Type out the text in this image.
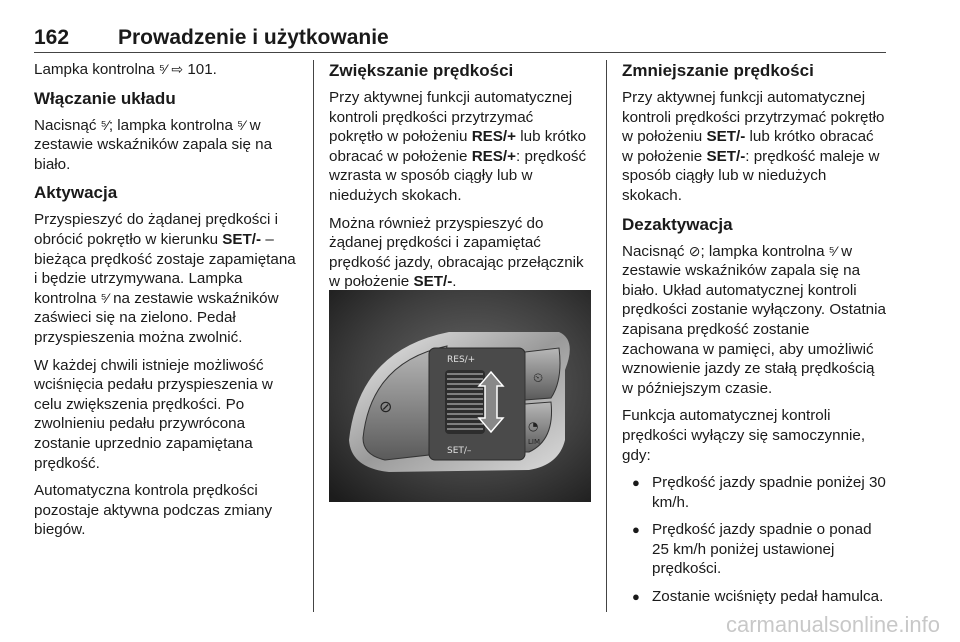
162 Prowadzenie i użytkowanie

Lampka kontrolna ⁵⁄ ⇨ 101.

Włączanie układu

Nacisnąć ⁵⁄; lampka kontrolna ⁵⁄ w zestawie wskaźników zapala się na biało.

Aktywacja

Przyspieszyć do żądanej prędkości i obrócić pokrętło w kierunku SET/- – bieżąca prędkość zostaje zapamiętana i będzie utrzymywana. Lampka kontrolna ⁵⁄ na zestawie wskaźników zaświeci się na zielono. Pedał przyspieszenia można zwolnić.

W każdej chwili istnieje możliwość wciśnięcia pedału przyspieszenia w celu zwiększenia prędkości. Po zwolnieniu pedału przywrócona zostanie uprzednio zapamiętana prędkość.

Automatyczna kontrola prędkości pozostaje aktywna podczas zmiany biegów.

Zwiększanie prędkości

Przy aktywnej funkcji automatycznej kontroli prędkości przytrzymać pokrętło w położeniu RES/+ lub krótko obracać w położenie RES/+: prędkość wzrasta w sposób ciągły lub w niedużych skokach.

Można również przyspieszyć do żądanej prędkości i zapamiętać prędkość jazdy, obracając przełącznik w położenie SET/-.

⊘
RES/+
SET/–
⏲
◔
LIM
Zmniejszanie prędkości

Przy aktywnej funkcji automatycznej kontroli prędkości przytrzymać pokrętło w położeniu SET/- lub krótko obracać w położenie SET/-: prędkość maleje w sposób ciągły lub w niedużych skokach.

Dezaktywacja

Nacisnąć ⊘; lampka kontrolna ⁵⁄ w zestawie wskaźników zapala się na biało. Układ automatycznej kontroli prędkości zostanie wyłączony. Ostatnia zapisana prędkość zostanie zachowana w pamięci, aby umożliwić wznowienie jazdy ze stałą prędkością w późniejszym czasie.

Funkcja automatycznej kontroli prędkości wyłączy się samoczynnie, gdy:

● Prędkość jazdy spadnie poniżej 30 km/h.
● Prędkość jazdy spadnie o ponad 25 km/h poniżej ustawionej prędkości.
● Zostanie wciśnięty pedał hamulca.
carmanualsonline.info
